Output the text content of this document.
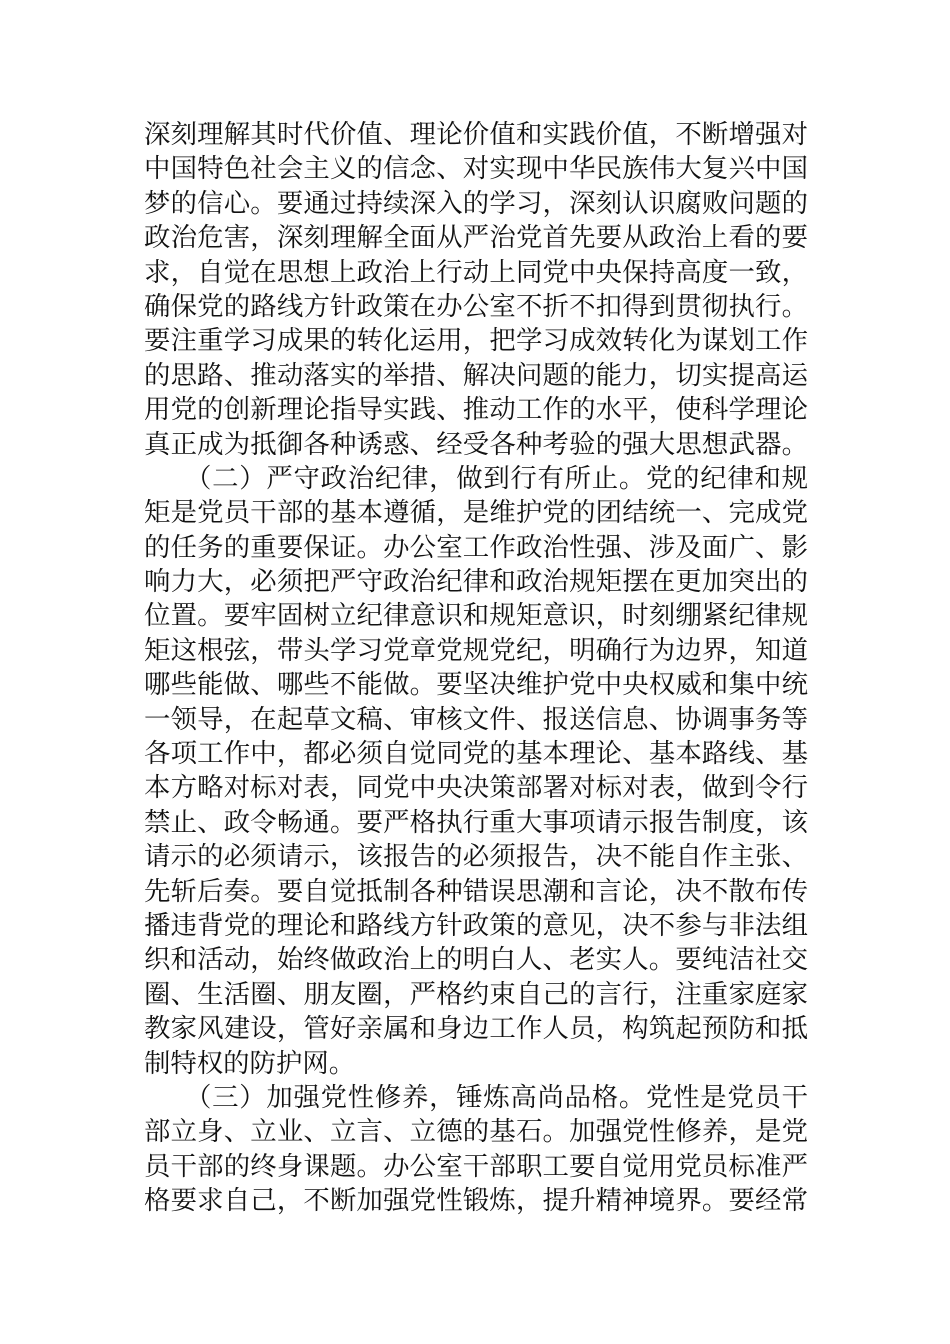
深刻理解其时代价值、理论价值和实践价值，不断增强对
中国特色社会主义的信念、对实现中华民族伟大复兴中国
梦的信心。要通过持续深入的学习，深刻认识腐败问题的
政治危害，深刻理解全面从严治党首先要从政治上看的要
求，自觉在思想上政治上行动上同党中央保持高度一致，
确保党的路线方针政策在办公室不折不扣得到贯彻执行。
要注重学习成果的转化运用，把学习成效转化为谋划工作
的思路、推动落实的举措、解决问题的能力，切实提高运
用党的创新理论指导实践、推动工作的水平，使科学理论
真正成为抵御各种诱惑、经受各种考验的强大思想武器。
　　（二）严守政治纪律，做到行有所止。党的纪律和规
矩是党员干部的基本遵循，是维护党的团结统一、完成党
的任务的重要保证。办公室工作政治性强、涉及面广、影
响力大，必须把严守政治纪律和政治规矩摆在更加突出的
位置。要牢固树立纪律意识和规矩意识，时刻绷紧纪律规
矩这根弦，带头学习党章党规党纪，明确行为边界，知道
哪些能做、哪些不能做。要坚决维护党中央权威和集中统
一领导，在起草文稿、审核文件、报送信息、协调事务等
各项工作中，都必须自觉同党的基本理论、基本路线、基
本方略对标对表，同党中央决策部署对标对表，做到令行
禁止、政令畅通。要严格执行重大事项请示报告制度，该
请示的必须请示，该报告的必须报告，决不能自作主张、
先斩后奏。要自觉抵制各种错误思潮和言论，决不散布传
播违背党的理论和路线方针政策的意见，决不参与非法组
织和活动，始终做政治上的明白人、老实人。要纯洁社交
圈、生活圈、朋友圈，严格约束自己的言行，注重家庭家
教家风建设，管好亲属和身边工作人员，构筑起预防和抵
制特权的防护网。
　　（三）加强党性修养，锤炼高尚品格。党性是党员干
部立身、立业、立言、立德的基石。加强党性修养，是党
员干部的终身课题。办公室干部职工要自觉用党员标准严
格要求自己，不断加强党性锻炼，提升精神境界。要经常
